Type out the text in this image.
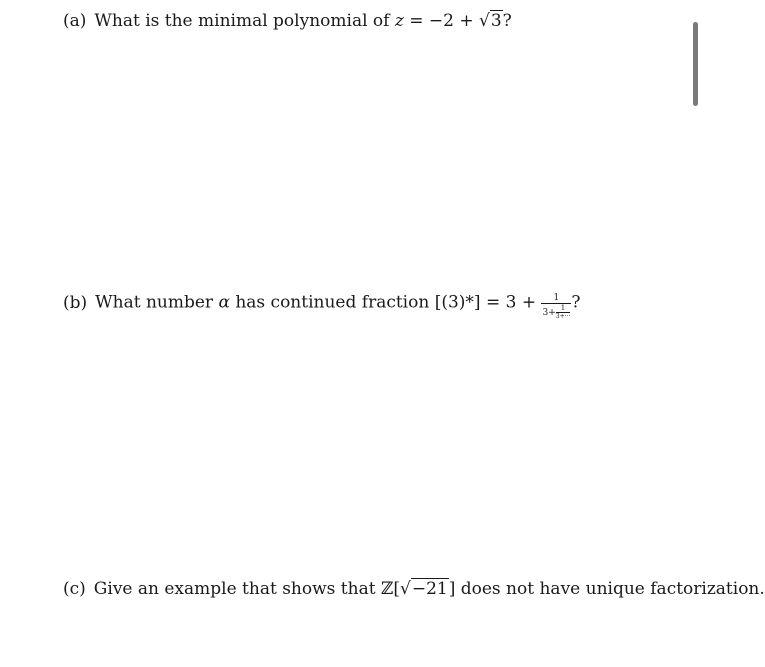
(a) What is the minimal polynomial of z = −2 + √3?
(b) What number α has continued fraction $[(3)*] = 3 + \frac{1}{3+ \frac{1}{3+\cdot\cdot\cdot}}$ ?
(c) Give an example that shows that ℤ[√−21] does not have unique factorization.
